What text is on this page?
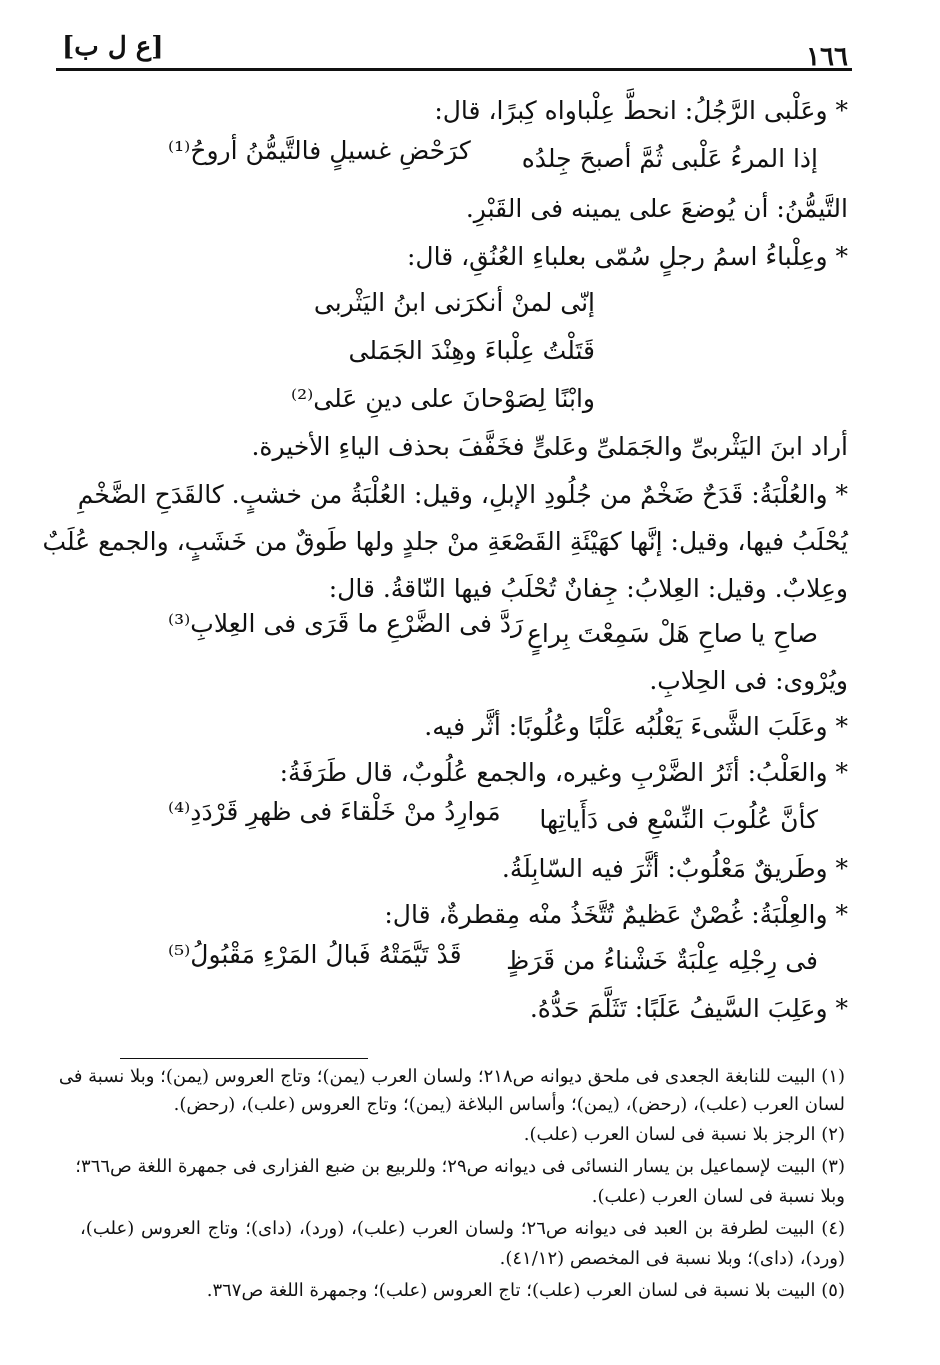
١٦٦
[ع ل ب]
* وعَلْبى الرَّجُلُ: انحطَّ عِلْباواه كِبرًا، قال:
إذا المرءُ عَلْبى ثُمَّ أصبحَ جِلدُه
كرَحْضِ غسيلٍ فالتَّيمُّنُ أروحُ⁽¹⁾
التَّيمُّنُ: أن يُوضعَ على يمينه فى القَبْرِ.
* وعِلْباءُ اسمُ رجلٍ سُمّى بعلباءِ العُنُقِ، قال:
إنّى لمنْ أنكرَنى ابنُ اليَثْربى
قَتَلْتُ عِلْباءَ وهِنْدَ الجَمَلى
وابْنًا لِصَوْحانَ على دينِ عَلى⁽²⁾
أراد ابنَ اليَثْربىِّ والجَمَلىِّ وعَلىٍّ فخَفَّفَ بحذف الياءِ الأخيرة.
* والعُلْبَةُ: قَدَحٌ ضَخْمٌ من جُلُودِ الإبلِ، وقيل: العُلْبَةُ من خشبٍ. كالقَدَحِ الضَّخْمِ
يُحْلَبُ فيها، وقيل: إنَّها كهَيْئَةِ القَصْعَةِ منْ جلدٍ ولها طَوقٌ من خَشَبٍ، والجمع عُلَبٌ
وعِلابٌ. وقيل: العِلابُ: جِفانٌ تُحْلَبُ فيها النّاقةُ. قال:
صاحِ يا صاحِ هَلْ سَمِعْتَ بِراعٍ
رَدَّ فى الضَّرْعِ ما قَرَى فى العِلابِ⁽³⁾
ويُرْوى: فى الحِلابِ.
* وعَلَبَ الشَّىءَ يَعْلُبُه عَلْبًا وعُلُوبًا: أثَّر فيه.
* والعَلْبُ: أثَرُ الضَّرْبِ وغيره، والجمع عُلُوبٌ، قال طَرَفَةُ:
كأنَّ عُلُوبَ النِّسْعِ فى دَأَياتِها
مَوارِدُ منْ خَلْقاءَ فى ظهرِ قَرْدَدِ⁽⁴⁾
* وطَريقٌ مَعْلُوبٌ: أثَّرَ فيه السّابِلَةُ.
* والعِلْبَةُ: غُصْنٌ عَظيمٌ تُتَّخَذُ منْه مِقطرةٌ، قال:
فى رِجْلِه عِلْبَةٌ خَشْناءُ من قَرَظٍ
قَدْ تَيَّمَتْهُ فَبالُ المَرْءِ مَقْبُولُ⁽⁵⁾
* وعَلِبَ السَّيفُ عَلَبًا: تَثَلَّمَ حَدُّهُ.
(١) البيت للنابغة الجعدى فى ملحق ديوانه ص٢١٨؛ ولسان العرب (يمن)؛ وتاج العروس (يمن)؛ وبلا نسبة فى
لسان العرب (علب)، (رحض)، (يمن)؛ وأساس البلاغة (يمن)؛ وتاج العروس (علب)، (رحض).
(٢) الرجز بلا نسبة فى لسان العرب (علب).
(٣) البيت لإسماعيل بن يسار النسائى فى ديوانه ص٢٩؛ وللربيع بن ضبع الفزارى فى جمهرة اللغة ص٣٦٦؛
وبلا نسبة فى لسان العرب (علب).
(٤) البيت لطرفة بن العبد فى ديوانه ص٢٦؛ ولسان العرب (علب)، (ورد)، (داى)؛ وتاج العروس (علب)،
(ورد)، (داى)؛ وبلا نسبة فى المخصص (٤١/١٢).
(٥) البيت بلا نسبة فى لسان العرب (علب)؛ تاج العروس (علب)؛ وجمهرة اللغة ص٣٦٧.
